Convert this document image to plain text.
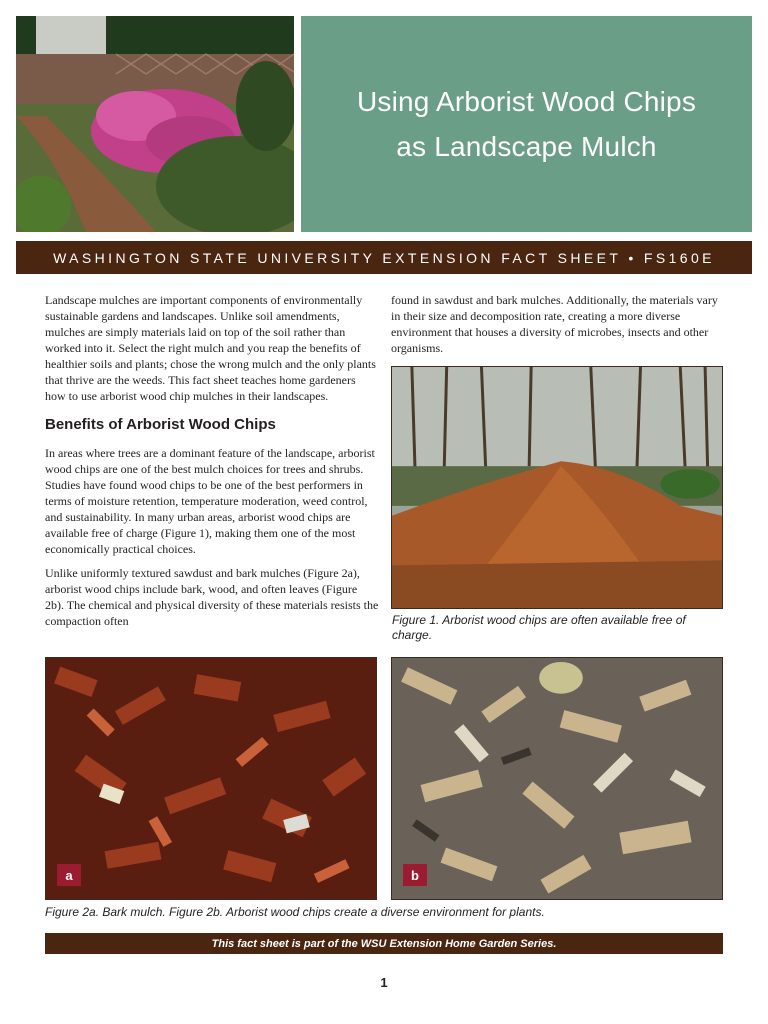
Using Arborist Wood Chips
as Landscape Mulch
WASHINGTON STATE UNIVERSITY EXTENSION FACT SHEET • FS160E

Landscape mulches are important components of environmentally sustainable gardens and landscapes. Unlike soil amendments, mulches are simply materials laid on top of the soil rather than worked into it. Select the right mulch and you reap the benefits of healthier soils and plants; chose the wrong mulch and the only plants that thrive are the weeds. This fact sheet teaches home gardeners how to use arborist wood chip mulches in their landscapes.

Benefits of Arborist Wood Chips

In areas where trees are a dominant feature of the landscape, arborist wood chips are one of the best mulch choices for trees and shrubs. Studies have found wood chips to be one of the best performers in terms of moisture retention, temperature moderation, weed control, and sustainability. In many urban areas, arborist wood chips are available free of charge (Figure 1), making them one of the most economically practical choices.

Unlike uniformly textured sawdust and bark mulches (Figure 2a), arborist wood chips include bark, wood, and often leaves (Figure 2b). The chemical and physical diversity of these materials resists the compaction often

found in sawdust and bark mulches. Additionally, the materials vary in their size and decomposition rate, creating a more diverse environment that houses a diversity of microbes, insects and other organisms.

Figure 1. Arborist wood chips are often available free of charge.
a	b
Figure 2a. Bark mulch. Figure 2b. Arborist wood chips create a diverse environment for plants.
This fact sheet is part of the WSU Extension Home Garden Series.
1
